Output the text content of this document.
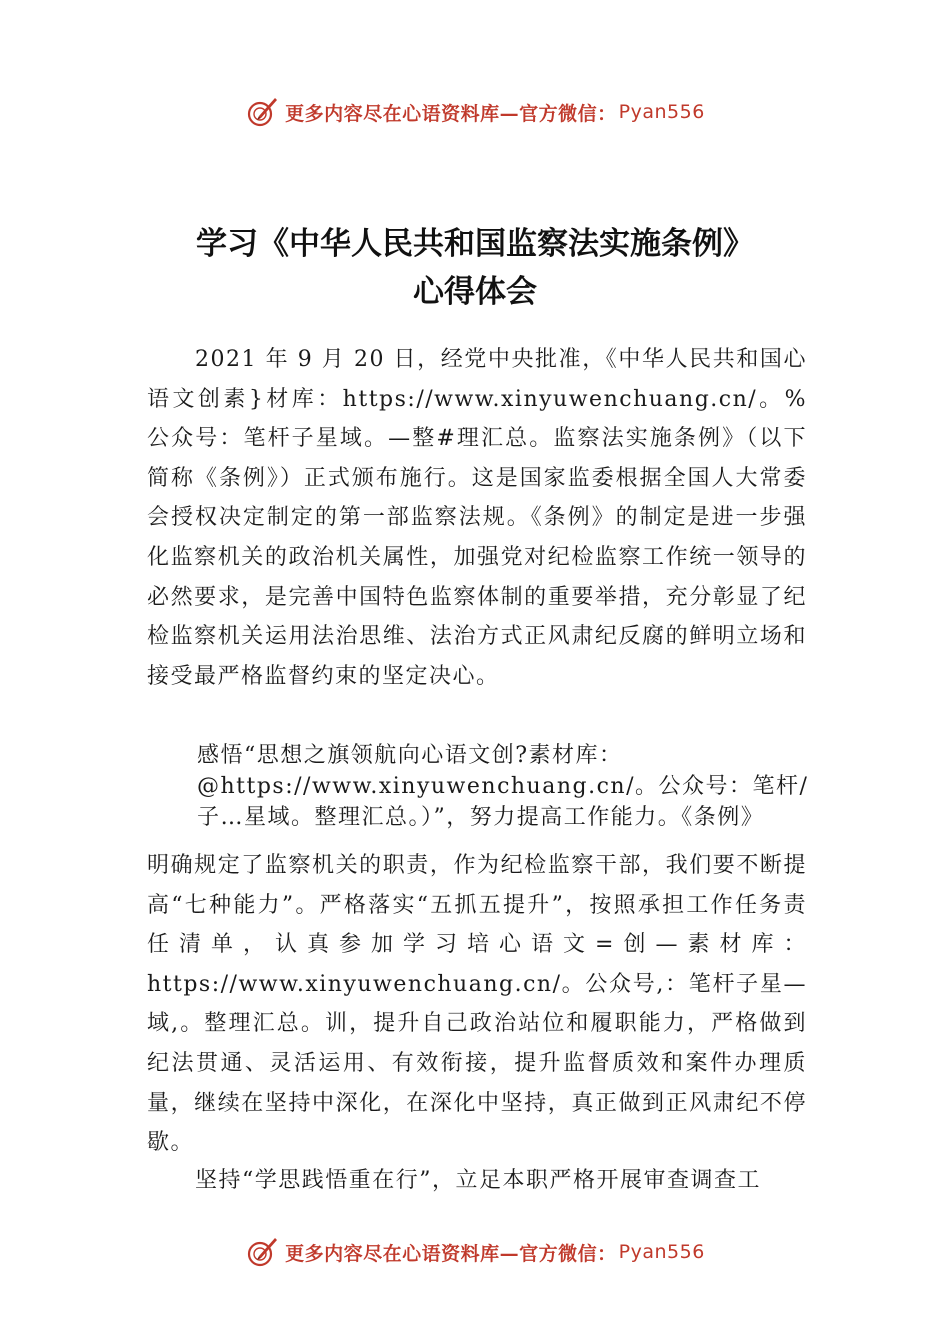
更多内容尽在心语资料库—官方微信： Pyan556
学习《中华人民共和国监察法实施条例》
心得体会

2021 年 9 月 20 日，经党中央批准，《中华人民共和国心语文创素}材库：https://www.xinyuwenchuang.cn/。%公众号：笔杆子星域。—整#理汇总。监察法实施条例》（以下简称《条例》）正式颁布施行。这是国家监委根据全国人大常委会授权决定制定的第一部监察法规。《条例》的制定是进一步强化监察机关的政治机关属性，加强党对纪检监察工作统一领导的必然要求，是完善中国特色监察体制的重要举措，充分彰显了纪检监察机关运用法治思维、法治方式正风肃纪反腐的鲜明立场和接受最严格监督约束的坚定决心。

感悟“思想之旗领航向心语文创?素材库：@https://www.xinyuwenchuang.cn/。公众号：笔杆/子…星域。整理汇总。）”，努力提高工作能力。《条例》

明确规定了监察机关的职责，作为纪检监察干部，我们要不断提高“七种能力”。严格落实“五抓五提升”，按照承担工作任务责任清单，认真参加学习培心语文=创—素材库：https://www.xinyuwenchuang.cn/。公众号,：笔杆子星—域,。整理汇总。训，提升自己政治站位和履职能力，严格做到纪法贯通、灵活运用、有效衔接，提升监督质效和案件办理质量，继续在坚持中深化，在深化中坚持，真正做到正风肃纪不停歇。

坚持“学思践悟重在行”，立足本职严格开展审查调查工

更多内容尽在心语资料库—官方微信： Pyan556
